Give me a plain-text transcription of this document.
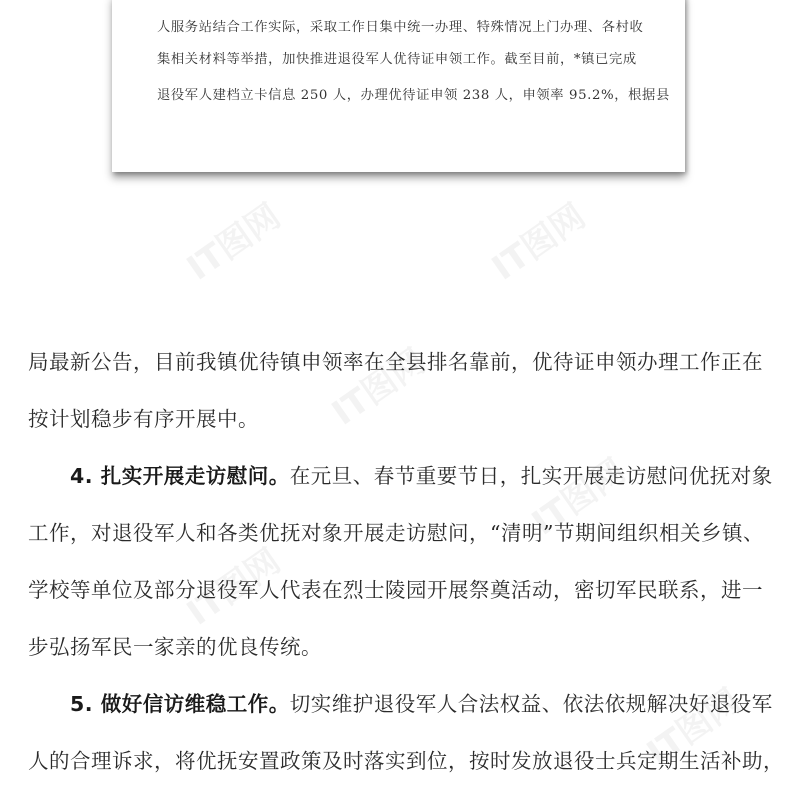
IT图网	IT图网
IT图网
IT图网
IT图网
IT图网
人服务站结合工作实际，采取工作日集中统一办理、特殊情况上门办理、各村收
集相关材料等举措，加快推进退役军人优待证申领工作。截至目前，*镇已完成
退役军人建档立卡信息 250 人，办理优待证申领 238 人，申领率 95.2%，根据县
局最新公告，目前我镇优待镇申领率在全县排名靠前，优待证申领办理工作正在
按计划稳步有序开展中。
4. 扎实开展走访慰问。在元旦、春节重要节日，扎实开展走访慰问优抚对象
工作，对退役军人和各类优抚对象开展走访慰问，“清明”节期间组织相关乡镇、
学校等单位及部分退役军人代表在烈士陵园开展祭奠活动，密切军民联系，进一
步弘扬军民一家亲的优良传统。
5. 做好信访维稳工作。切实维护退役军人合法权益、依法依规解决好退役军
人的合理诉求，将优抚安置政策及时落实到位，按时发放退役士兵定期生活补助，
